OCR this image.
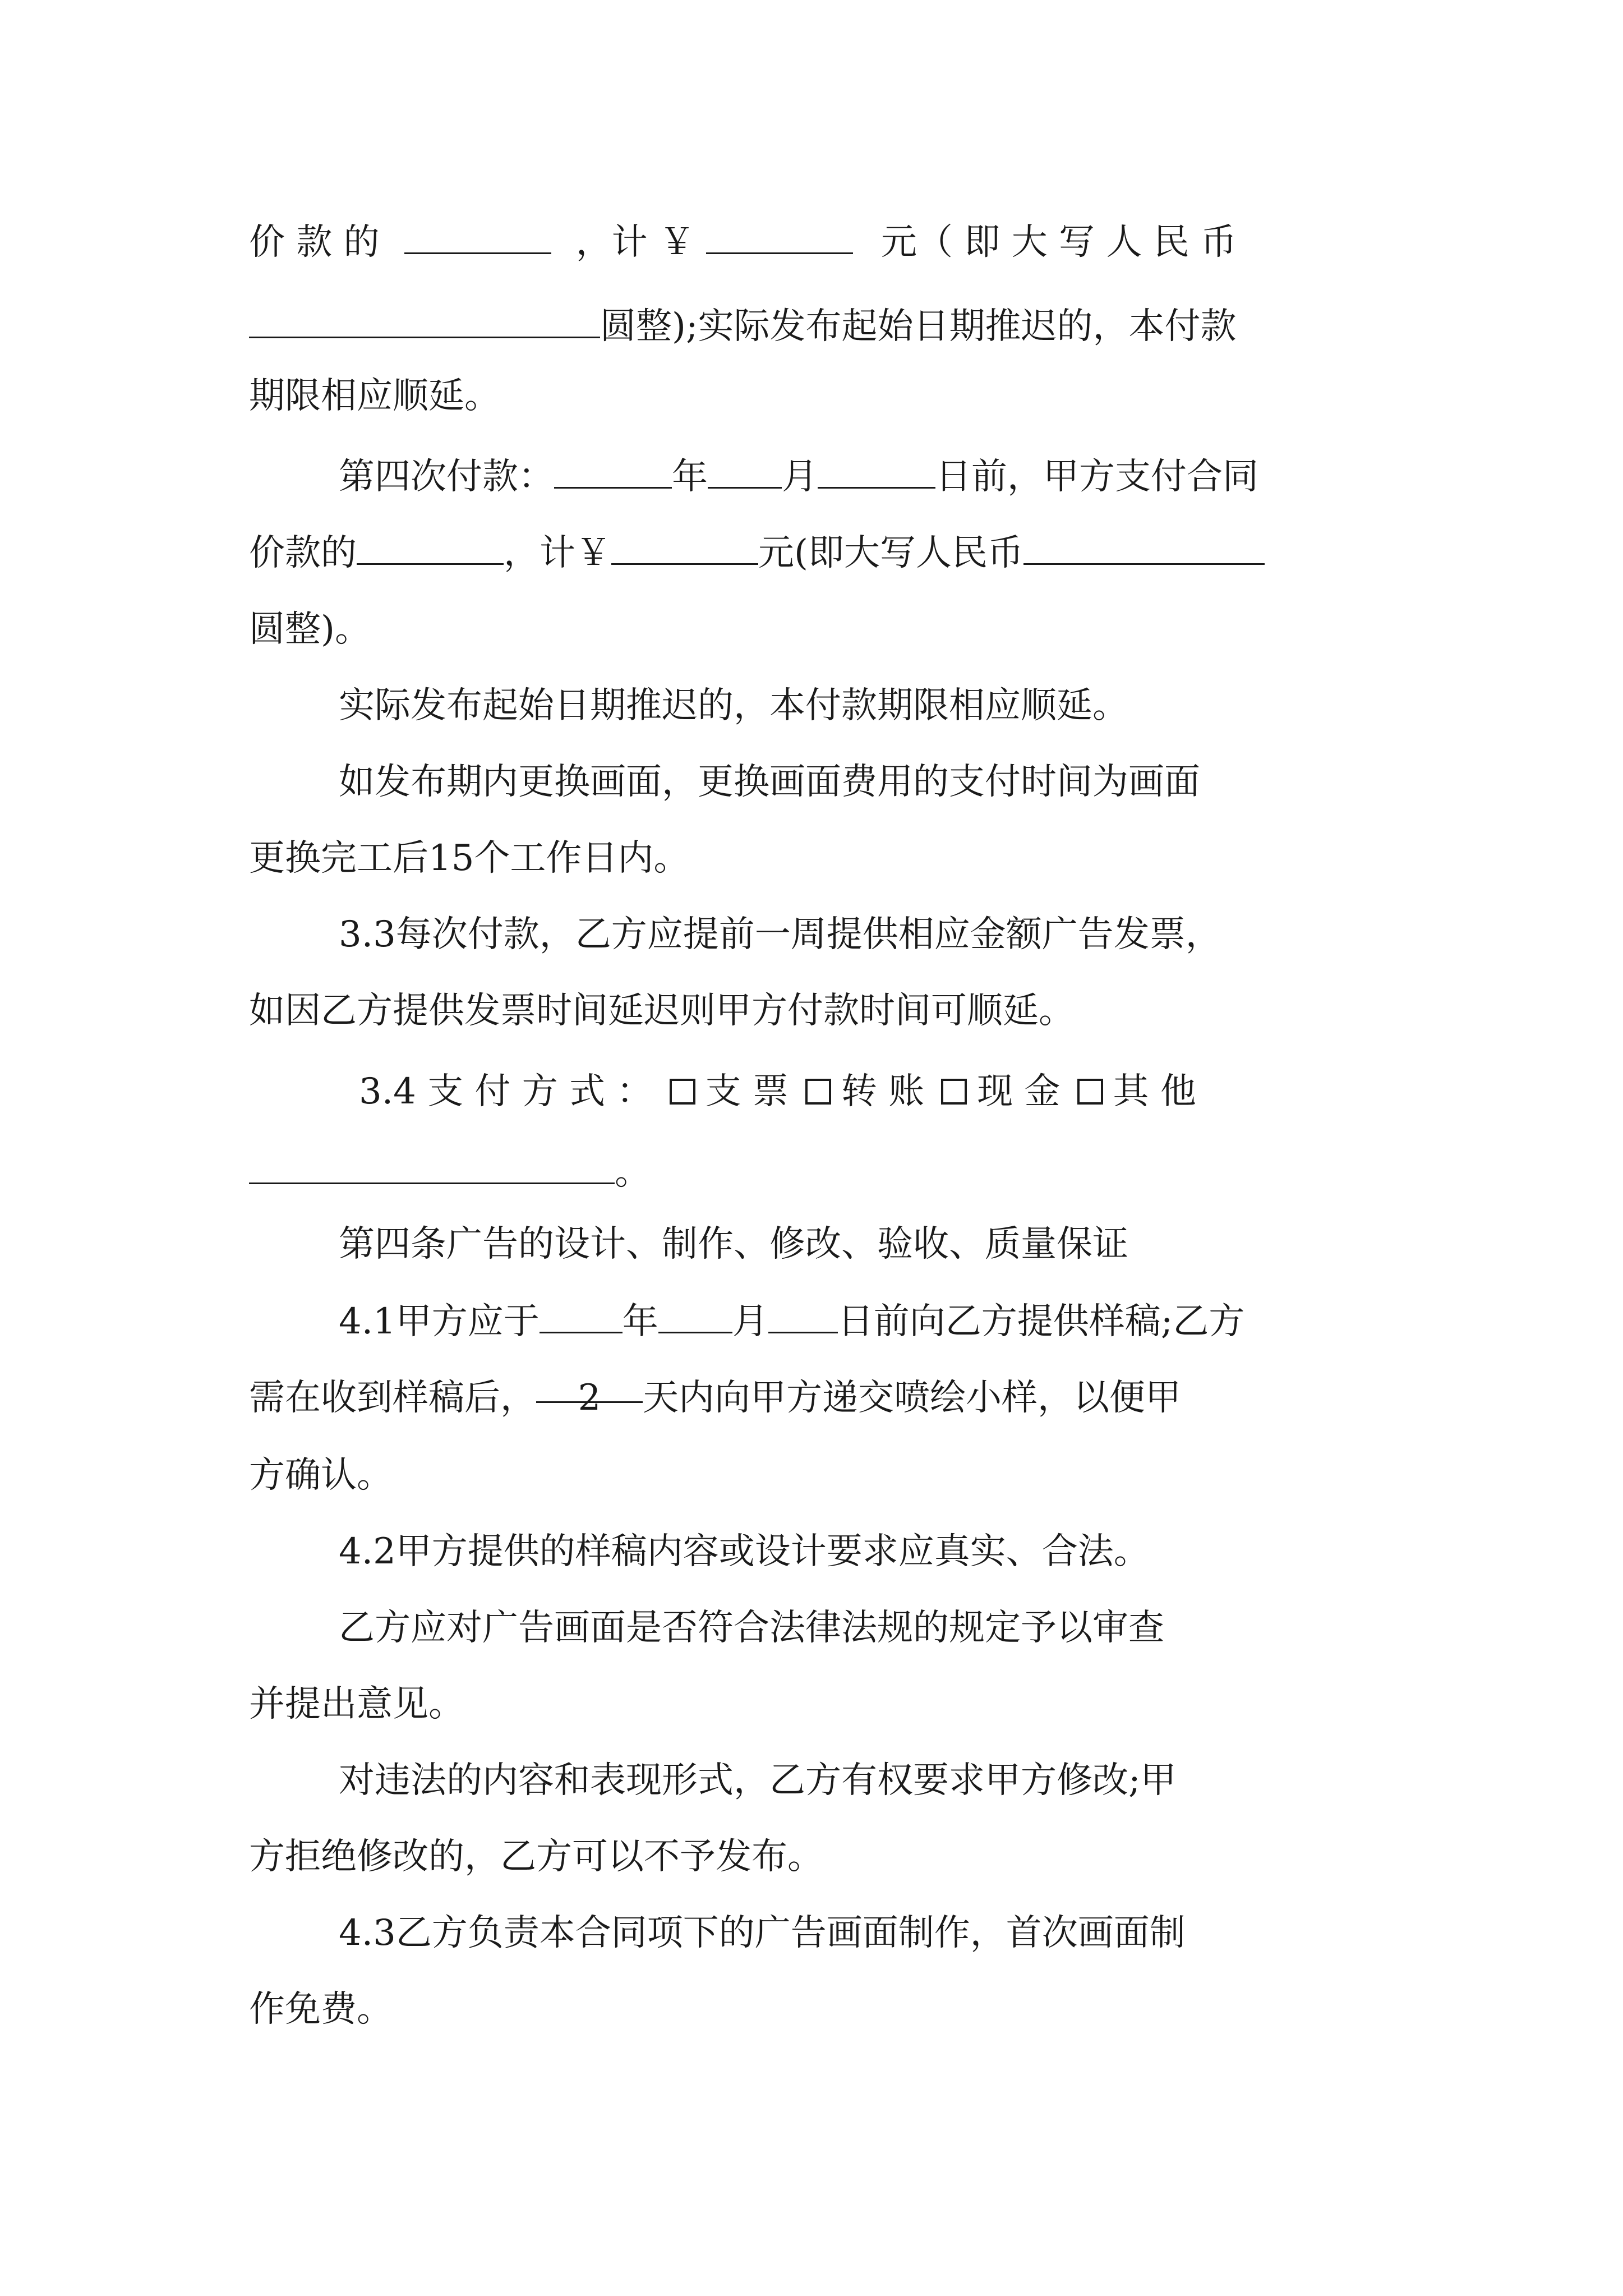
价 款 的	，计 ￥	元（ 即 大 写 人 民 币
圆整);实际发布起始日期推迟的，本付款
期限相应顺延。
第四次付款：	年 月	日前，甲方支付合同
价款的	，计￥	元(即大写人民币
圆整)。
实际发布起始日期推迟的，本付款期限相应顺延。
如发布期内更换画面，更换画面费用的支付时间为画面
更换完工后15个工作日内。
3.3每次付款，乙方应提前一周提供相应金额广告发票，
如因乙方提供发票时间延迟则甲方付款时间可顺延。
3.4 支 付 方 式 ： 支 票 转 账 现 金 其 他
。
第四条广告的设计、制作、修改、验收、质量保证
4.1甲方应于 年 月 日前向乙方提供样稿;乙方
需在收到样稿后， 2 天内向甲方递交喷绘小样，以便甲
方确认。
4.2甲方提供的样稿内容或设计要求应真实、合法。
乙方应对广告画面是否符合法律法规的规定予以审查
并提出意见。
对违法的内容和表现形式，乙方有权要求甲方修改;甲
方拒绝修改的，乙方可以不予发布。
4.3乙方负责本合同项下的广告画面制作，首次画面制
作免费。
